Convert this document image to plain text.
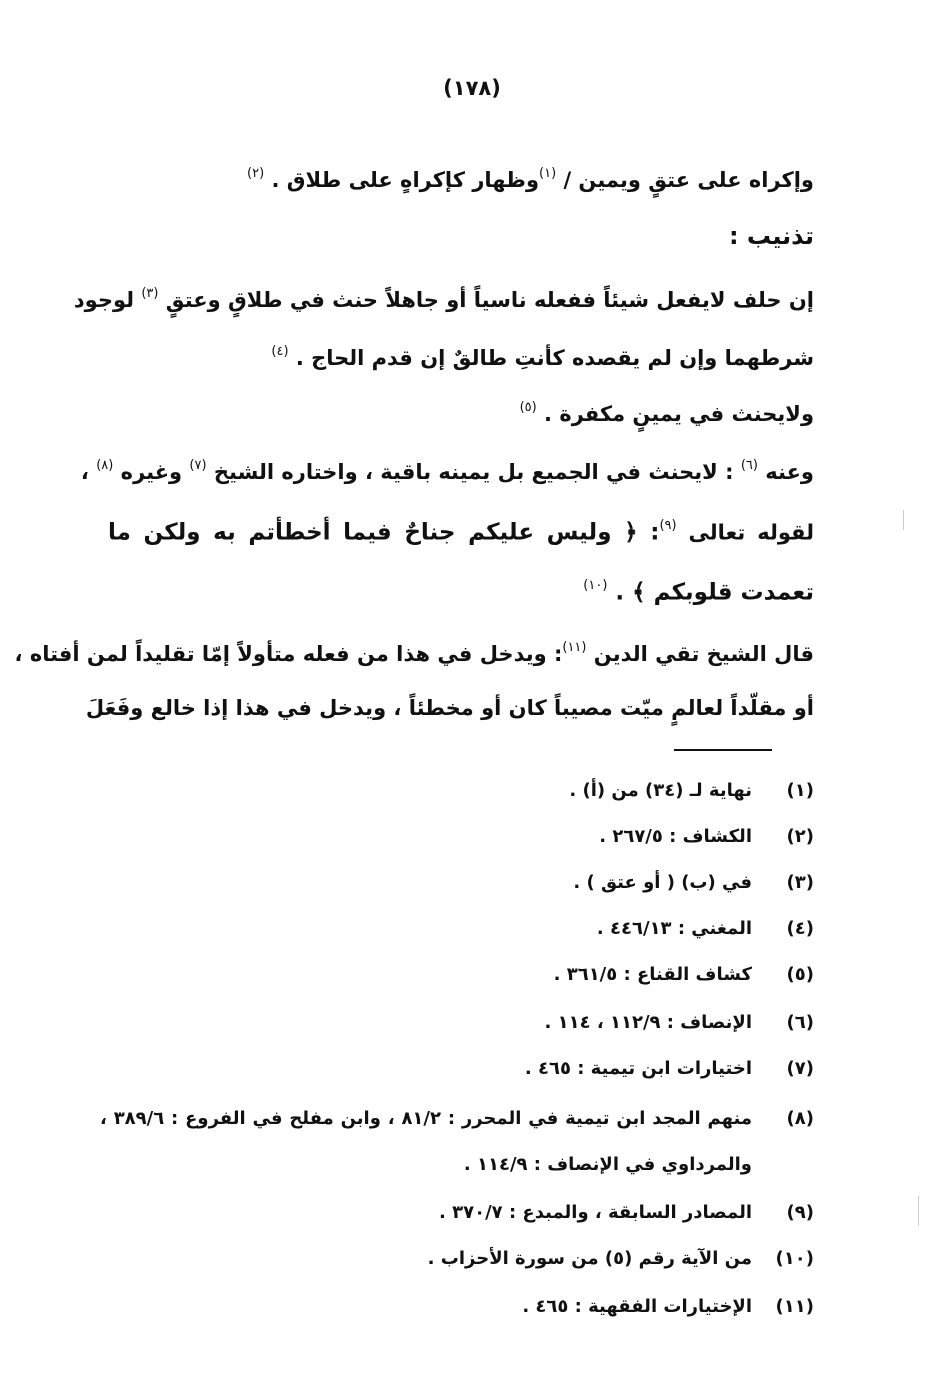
(١٧٨)
وإكراه على عتقٍ ويمين / $^{(١)}$وظهار كإكراهٍ على طلاق . $^{(٢)}$
تذنيب :
إن حلف لايفعل شيئاً ففعله ناسياً أو جاهلاً حنث في طلاقٍ وعتقٍ $^{(٣)}$ لوجود
شرطهما وإن لم يقصده كأنتِ طالقٌ إن قدم الحاج . $^{(٤)}$
ولايحنث في يمينٍ مكفرة . $^{(٥)}$
وعنه $^{(٦)}$ : لايحنث في الجميع بل يمينه باقية ، واختاره الشيخ $^{(٧)}$ وغيره $^{(٨)}$ ،
لقوله تعالى $^{(٩)}$: ﴿ وليس عليكم جناحٌ فيما أخطأتم به ولكن ما
تعمدت قلوبكم ﴾ . $^{(١٠)}$
قال الشيخ تقي الدين $^{(١١)}$: ويدخل في هذا من فعله متأولاً إمّا تقليداً لمن أفتاه ،
أو مقلّداً لعالمٍ ميّت مصيباً كان أو مخطئاً ، ويدخل في هذا إذا خالع وفَعَلَ
(١)
نهاية لـ (٣٤) من (أ) .
(٢)
الكشاف : ٢٦٧/٥ .
(٣)
في (ب) ( أو عتق ) .
(٤)
المغني : ٤٤٦/١٣ .
(٥)
كشاف القناع : ٣٦١/٥ .
(٦)
الإنصاف : ١١٢/٩ ، ١١٤ .
(٧)
اختيارات ابن تيمية : ٤٦٥ .
(٨)
منهم المجد ابن تيمية في المحرر : ٨١/٢ ، وابن مفلح في الفروع : ٣٨٩/٦ ،
والمرداوي في الإنصاف : ١١٤/٩ .
(٩)
المصادر السابقة ، والمبدع : ٣٧٠/٧ .
(١٠)
من الآية رقم (٥) من سورة الأحزاب .
(١١)
الإختيارات الفقهية : ٤٦٥ .
